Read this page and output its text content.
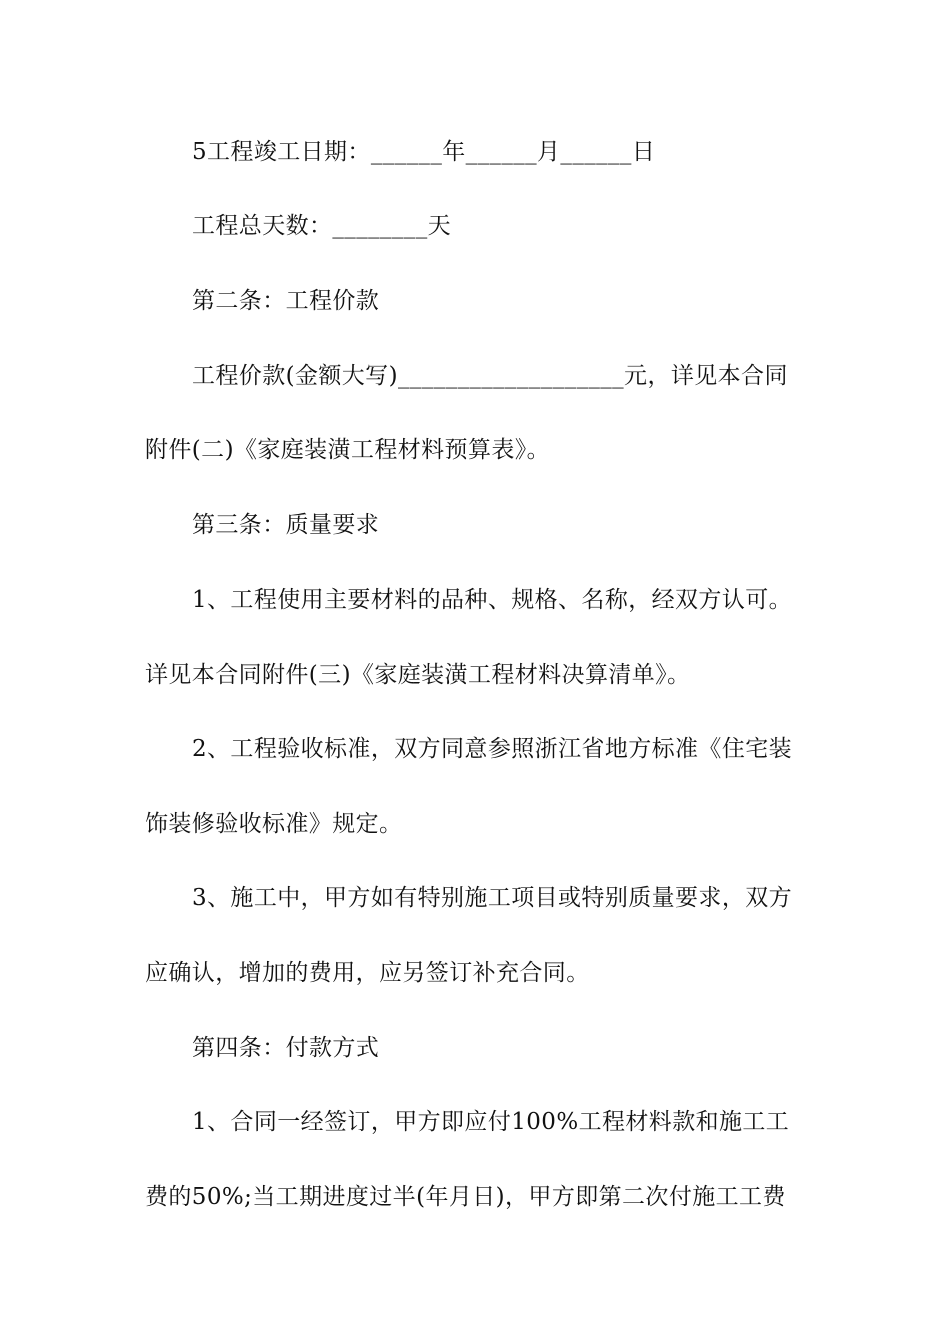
5工程竣工日期：______年______月______日
工程总天数：________天
第二条：工程价款
工程价款(金额大写)___________________元，详见本合同
附件(二)《家庭装潢工程材料预算表》。
第三条：质量要求
1、工程使用主要材料的品种、规格、名称，经双方认可。
详见本合同附件(三)《家庭装潢工程材料决算清单》。
2、工程验收标准，双方同意参照浙江省地方标准《住宅装
饰装修验收标准》规定。
3、施工中，甲方如有特别施工项目或特别质量要求，双方
应确认，增加的费用，应另签订补充合同。
第四条：付款方式
1、合同一经签订，甲方即应付100%工程材料款和施工工
费的50%;当工期进度过半(年月日)，甲方即第二次付施工工费
